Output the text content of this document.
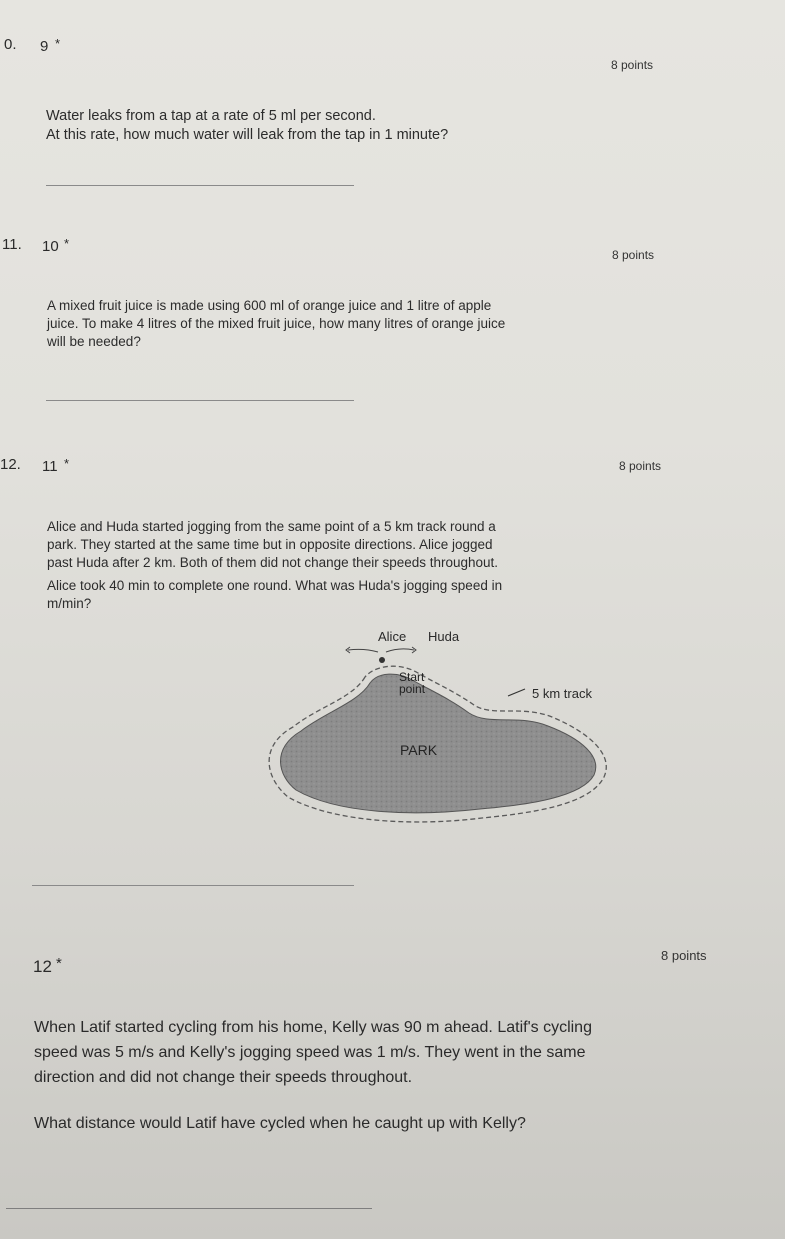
0. 9 *
8 points
Water leaks from a tap at a rate of 5 ml per second.
At this rate, how much water will leak from the tap in 1 minute?
11. 10 *
8 points
A mixed fruit juice is made using 600 ml of orange juice and 1 litre of apple
juice. To make 4 litres of the mixed fruit juice, how many litres of orange juice
will be needed?
12. 11 *	8 points
Alice and Huda started jogging from the same point of a 5 km track round a
park. They started at the same time but in opposite directions. Alice jogged
past Huda after 2 km. Both of them did not change their speeds throughout.
Alice took 40 min to complete one round. What was Huda's jogging speed in
m/min?
Alice Huda
Start
point	5 km track
PARK
12 *	8 points
When Latif started cycling from his home, Kelly was 90 m ahead. Latif's cycling
speed was 5 m/s and Kelly's jogging speed was 1 m/s. They went in the same
direction and did not change their speeds throughout.
What distance would Latif have cycled when he caught up with Kelly?
